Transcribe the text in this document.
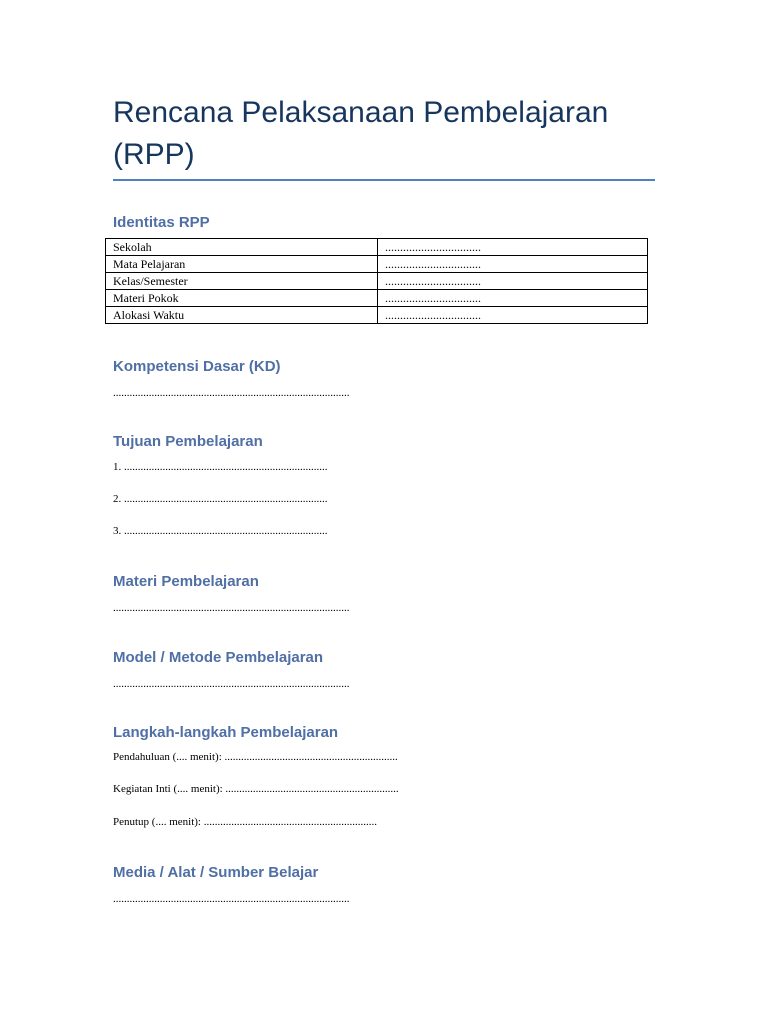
Rencana Pelaksanaan Pembelajaran (RPP)
Identitas RPP
Sekolah	................................
Mata Pelajaran	................................
Kelas/Semester	................................
Materi Pokok	................................
Alokasi Waktu	................................
Kompetensi Dasar (KD)
......................................................................................
Tujuan Pembelajaran
1. ..........................................................................
2. ..........................................................................
3. ..........................................................................
Materi Pembelajaran
......................................................................................
Model / Metode Pembelajaran
......................................................................................
Langkah-langkah Pembelajaran
Pendahuluan (.... menit): ...............................................................
Kegiatan Inti (.... menit): ...............................................................
Penutup (.... menit): ...............................................................
Media / Alat / Sumber Belajar
......................................................................................
